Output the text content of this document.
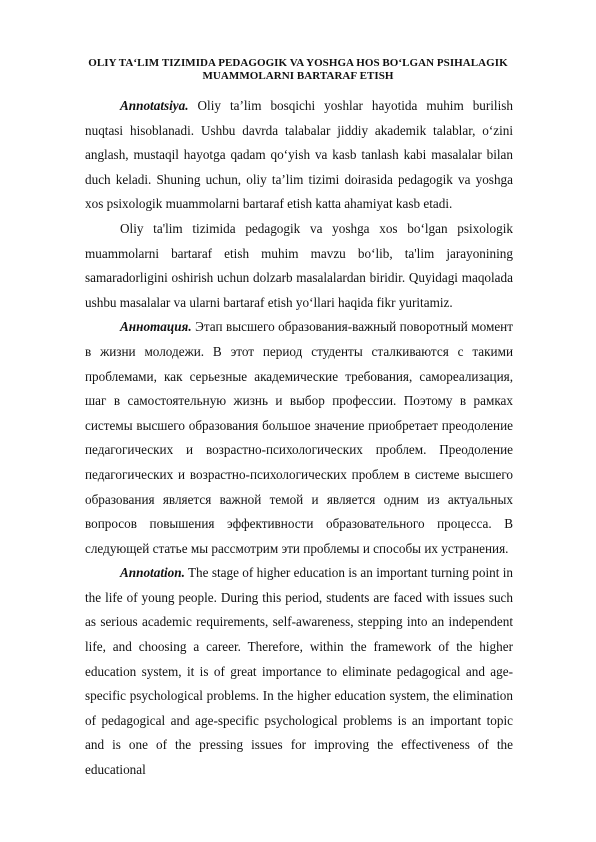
OLIY TA‘LIM TIZIMIDA PEDAGOGIK VA YOSHGA HOS BO‘LGAN PSIHALAGIK MUAMMOLARNI BARTARAF ETISH

Annotatsiya. Oliy ta’lim bosqichi yoshlar hayotida muhim burilish nuqtasi hisoblanadi. Ushbu davrda talabalar jiddiy akademik talablar, o‘zini anglash, mustaqil hayotga qadam qo‘yish va kasb tanlash kabi masalalar bilan duch keladi. Shuning uchun, oliy ta’lim tizimi doirasida pedagogik va yoshga xos psixologik muammolarni bartaraf etish katta ahamiyat kasb etadi.

Oliy ta'lim tizimida pedagogik va yoshga xos bo‘lgan psixologik muammolarni bartaraf etish muhim mavzu bo‘lib, ta'lim jarayonining samaradorligini oshirish uchun dolzarb masalalardan biridir. Quyidagi maqolada ushbu masalalar va ularni bartaraf etish yo‘llari haqida fikr yuritamiz.

Аннотация. Этап высшего образования-важный поворотный момент в жизни молодежи. В этот период студенты сталкиваются с такими проблемами, как серьезные академические требования, самореализация, шаг в самостоятельную жизнь и выбор профессии. Поэтому в рамках системы высшего образования большое значение приобретает преодоление педагогических и возрастно-психологических проблем. Преодоление педагогических и возрастно-психологических проблем в системе высшего образования является важной темой и является одним из актуальных вопросов повышения эффективности образовательного процесса. В следующей статье мы рассмотрим эти проблемы и способы их устранения.

Annotation. The stage of higher education is an important turning point in the life of young people. During this period, students are faced with issues such as serious academic requirements, self-awareness, stepping into an independent life, and choosing a career. Therefore, within the framework of the higher education system, it is of great importance to eliminate pedagogical and age-specific psychological problems. In the higher education system, the elimination of pedagogical and age-specific psychological problems is an important topic and is one of the pressing issues for improving the effectiveness of the educational
